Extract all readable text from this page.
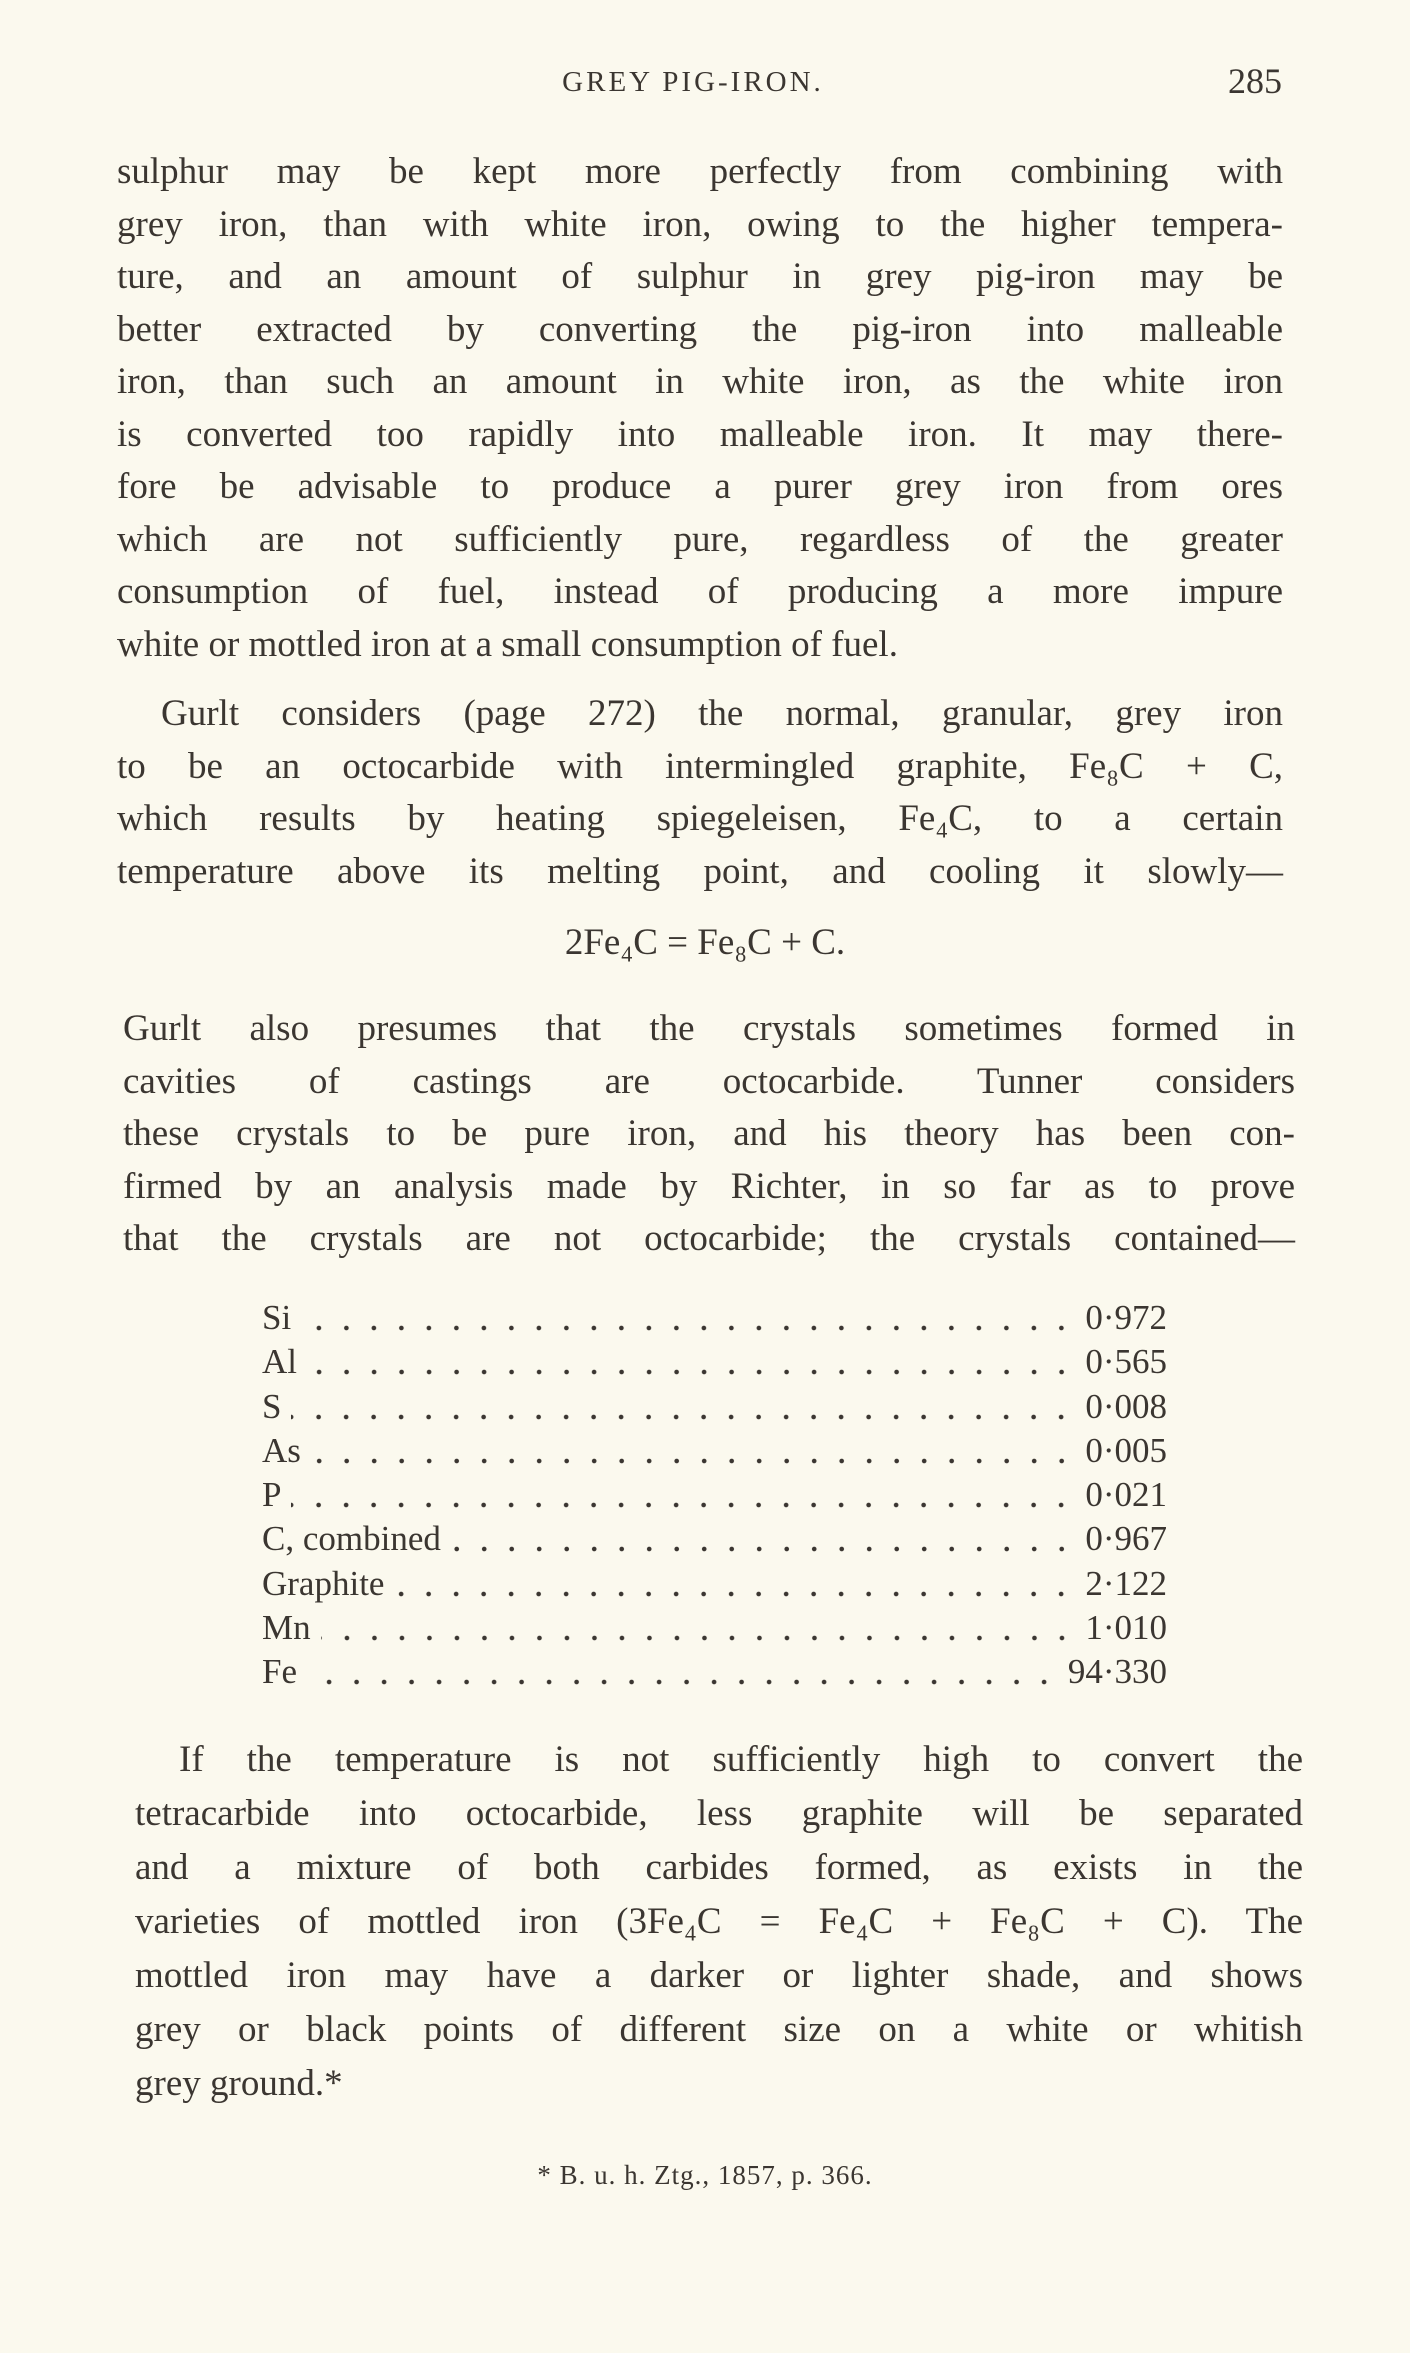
GREY PIG-IRON.	285
sulphur may be kept more perfectly from combining with
grey iron, than with white iron, owing to the higher tempera-
ture, and an amount of sulphur in grey pig-iron may be
better extracted by converting the pig-iron into malleable
iron, than such an amount in white iron, as the white iron
is converted too rapidly into malleable iron. It may there-
fore be advisable to produce a purer grey iron from ores
which are not sufficiently pure, regardless of the greater
consumption of fuel, instead of producing a more impure
white or mottled iron at a small consumption of fuel.
Gurlt considers (page 272) the normal, granular, grey iron
to be an octocarbide with intermingled graphite, Fe₈C + C,
which results by heating spiegeleisen, Fe₄C, to a certain
temperature above its melting point, and cooling it slowly—
2Fe₄C = Fe₈C + C.
Gurlt also presumes that the crystals sometimes formed in
cavities of castings are octocarbide. Tunner considers
these crystals to be pure iron, and his theory has been con-
firmed by an analysis made by Richter, in so far as to prove
that the crystals are not octocarbide; the crystals contained—
Si	0·972
Al	0·565
S	0·008
As	0·005
P	0·021
C, combined	0·967
Graphite	2·122
Mn	1·010
Fe	94·330
If the temperature is not sufficiently high to convert the
tetracarbide into octocarbide, less graphite will be separated
and a mixture of both carbides formed, as exists in the
varieties of mottled iron (3Fe₄C = Fe₄C + Fe₈C + C). The
mottled iron may have a darker or lighter shade, and shows
grey or black points of different size on a white or whitish
grey ground.*
* B. u. h. Ztg., 1857, p. 366.
